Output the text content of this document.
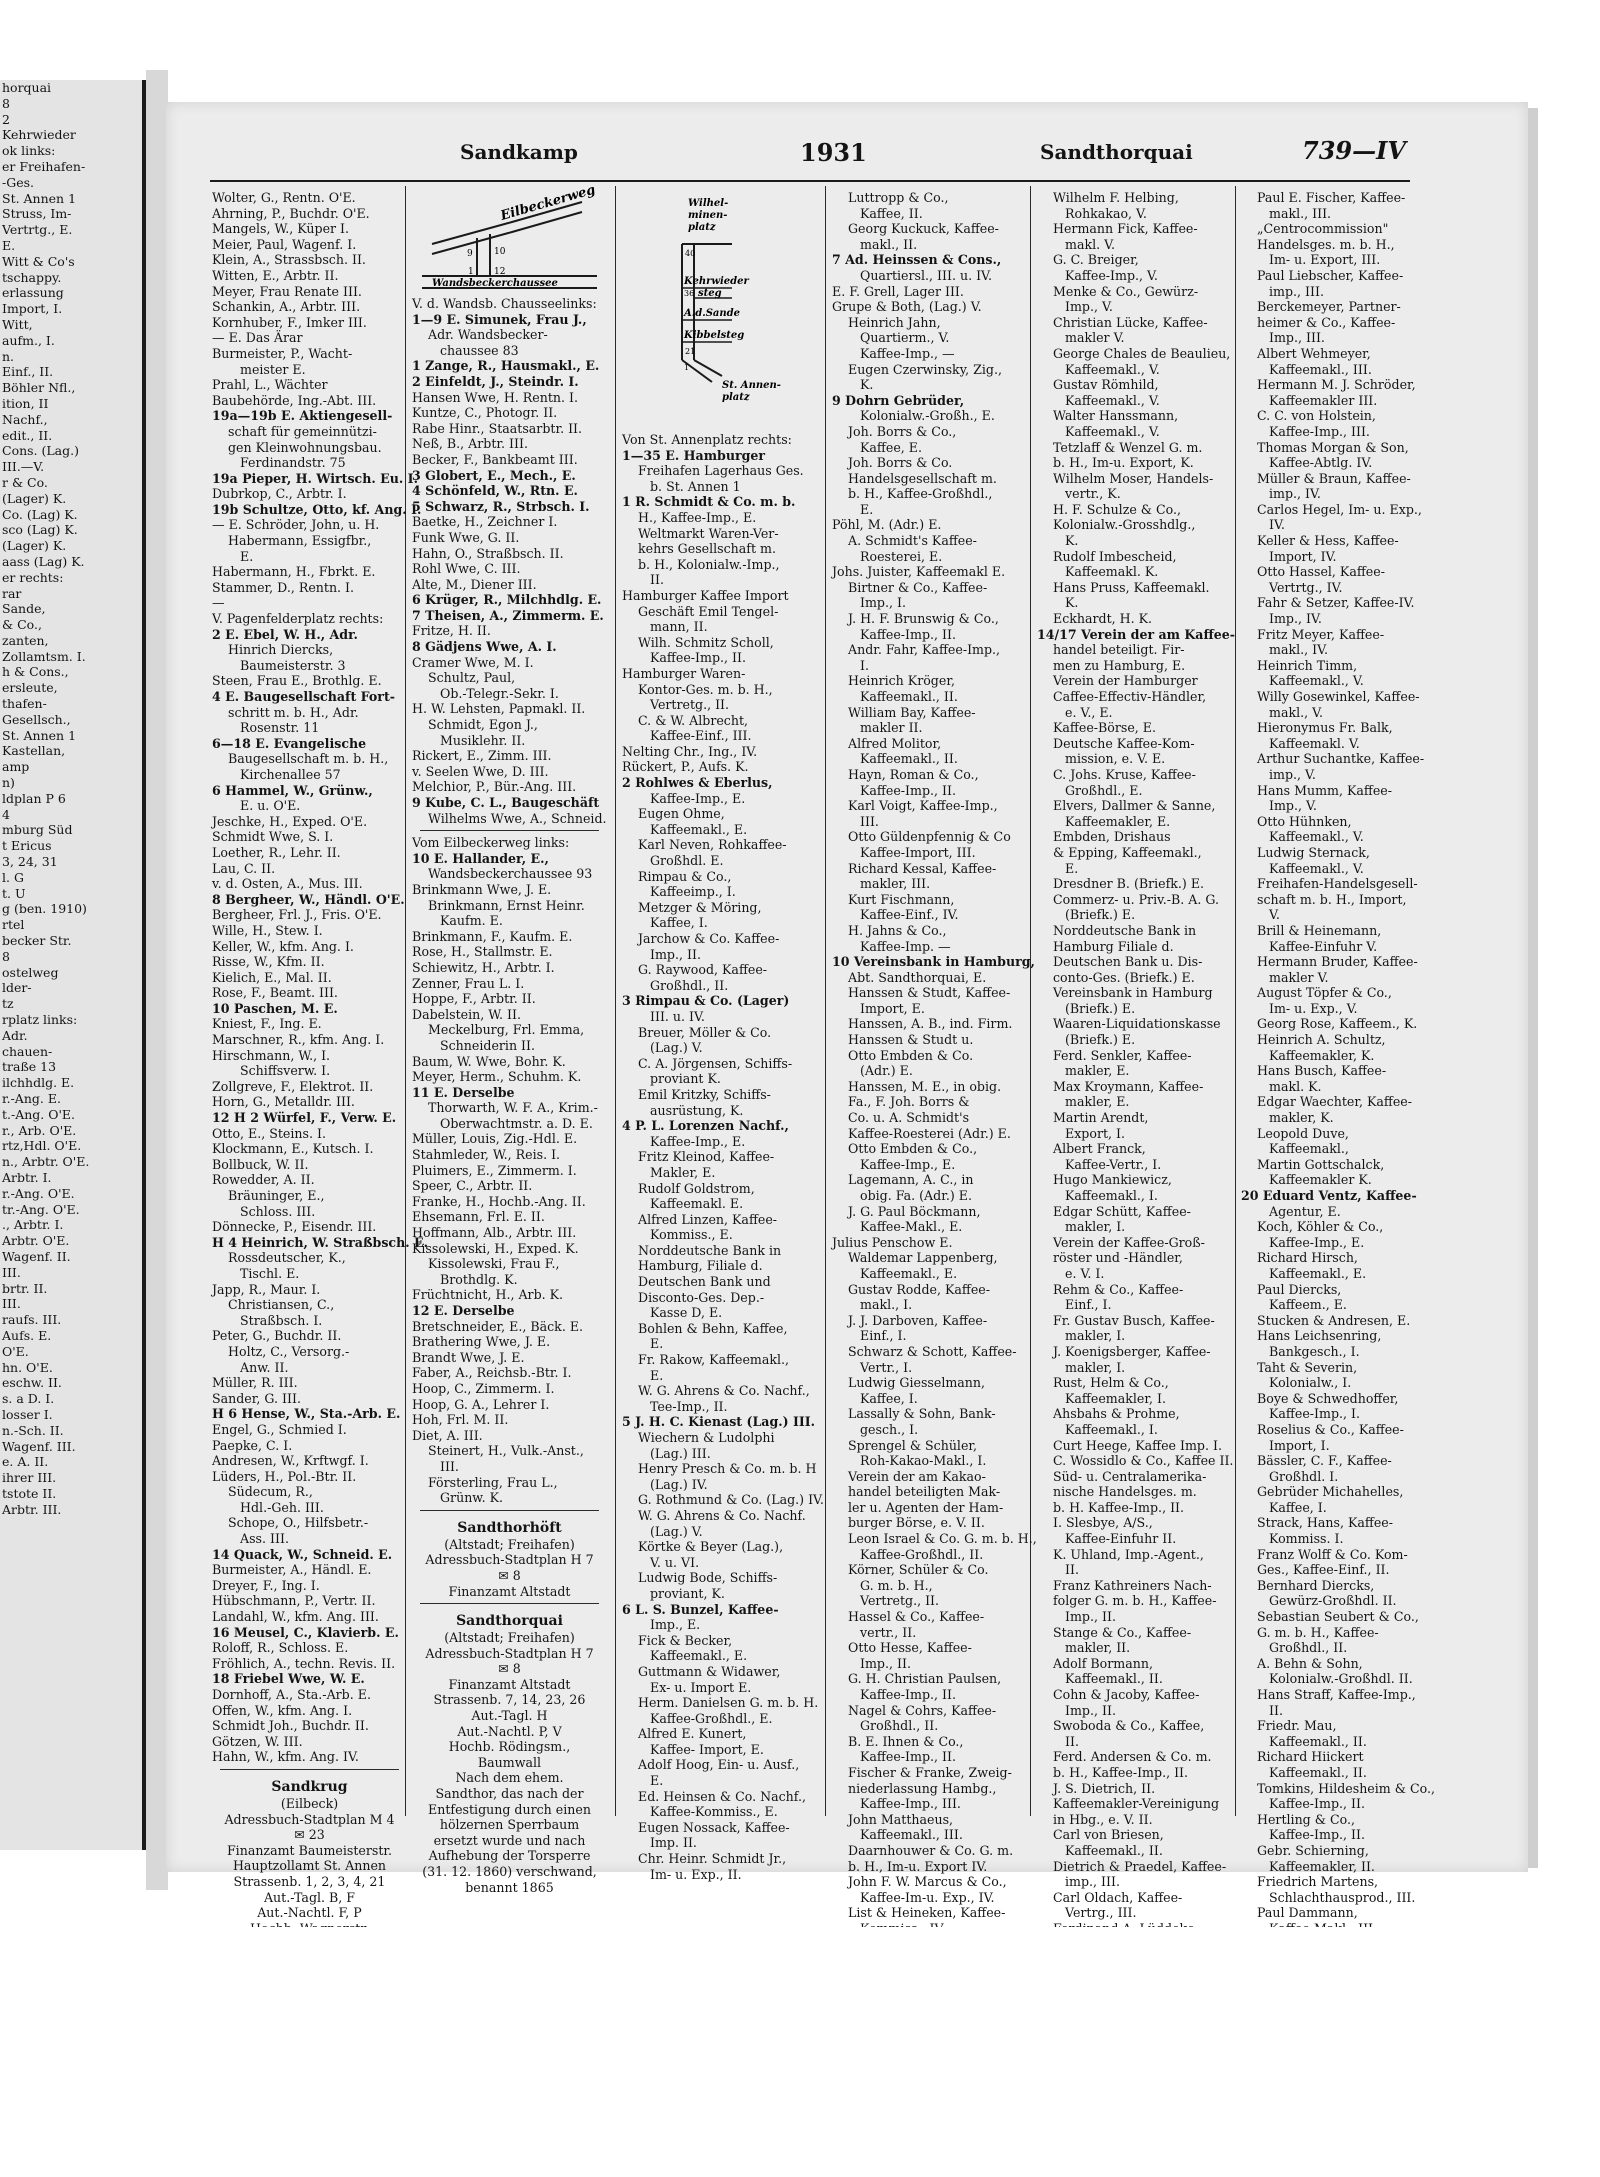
horquai
8
2
Kehrwieder
ok links:
er Freihafen-
-Ges.
St. Annen 1
Struss, Im-
Vertrtg., E.
E.
Witt & Co's
tschappy.
erlassung
Import, I.
Witt,
aufm., I.
n.
Einf., II.
Böhler Nfl.,
ition, II
Nachf.,
edit., II.
Cons. (Lag.)
III.—V.
r & Co.
(Lager) K.
Co. (Lag) K.
sco (Lag) K.
(Lager) K.
aass (Lag) K.
er rechts:
rar
Sande,
& Co.,
zanten,
Zollamtsm. I.
h & Cons.,
ersleute,
thafen-
Gesellsch.,
St. Annen 1
Kastellan,
amp
n)
ldplan P 6
4
mburg Süd
t Ericus
3, 24, 31
l. G
t. U
g (ben. 1910)
rtel
becker Str.
8
ostelweg
lder-
tz
rplatz links:
Adr.
chauen-
traße 13
ilchhdlg. E.
r.-Ang. E.
t.-Ang. O'E.
r., Arb. O'E.
rtz,Hdl. O'E.
n., Arbtr. O'E.
Arbtr. I.
r.-Ang. O'E.
tr.-Ang. O'E.
., Arbtr. I.
Arbtr. O'E.
Wagenf. II.
III.
brtr. II.
III.
raufs. III.
Aufs. E.
O'E.
hn. O'E.
eschw. II.
s. a D. I.
losser I.
n.-Sch. II.
Wagenf. III.
e. A. II.
ihrer III.
tstote II.
Arbtr. III.
Sandkamp	1931	Sandthorquai	739—IV
Wolter, G., Rentn. O'E.
Ahrning, P., Buchdr. O'E.
Mangels, W., Küper I.
Meier, Paul, Wagenf. I.
Klein, A., Strassbsch. II.
Witten, E., Arbtr. II.
Meyer, Frau Renate III.
Schankin, A., Arbtr. III.
Kornhuber, F., Imker III.
— E. Das Ärar
Burmeister, P., Wacht-
meister E.
Prahl, L., Wächter
Baubehörde, Ing.-Abt. III.
19a—19b E. Aktiengesell-
schaft für gemeinnützi-
gen Kleinwohnungsbau.
Ferdinandstr. 75
19a Pieper, H. Wirtsch. Eu. I.
Dubrkop, C., Arbtr. I.
19b Schultze, Otto, kf. Ang. I.
— E. Schröder, John, u. H.
Habermann, Essigfbr.,
E.
Habermann, H., Fbrkt. E.
Stammer, D., Rentn. I.
—
V. Pagenfelderplatz rechts:
2 E. Ebel, W. H., Adr.
Hinrich Diercks,
Baumeisterstr. 3
Steen, Frau E., Brothlg. E.
4 E. Baugesellschaft Fort-
schritt m. b. H., Adr.
Rosenstr. 11
6—18 E. Evangelische
Baugesellschaft m. b. H.,
Kirchenallee 57
6 Hammel, W., Grünw.,
E. u. O'E.
Jeschke, H., Exped. O'E.
Schmidt Wwe, S. I.
Loether, R., Lehr. II.
Lau, C. II.
v. d. Osten, A., Mus. III.
8 Bergheer, W., Händl. O'E.
Bergheer, Frl. J., Fris. O'E.
Wille, H., Stew. I.
Keller, W., kfm. Ang. I.
Risse, W., Kfm. II.
Kielich, E., Mal. II.
Rose, F., Beamt. III.
10 Paschen, M. E.
Kniest, F., Ing. E.
Marschner, R., kfm. Ang. I.
Hirschmann, W., I.
Schiffsverw. I.
Zollgreve, F., Elektrot. II.
Horn, G., Metalldr. III.
12 H 2 Würfel, F., Verw. E.
Otto, E., Steins. I.
Klockmann, E., Kutsch. I.
Bollbuck, W. II.
Rowedder, A. II.
Bräuninger, E.,
Schloss. III.
Dönnecke, P., Eisendr. III.
H 4 Heinrich, W. Straßbsch. E.
Rossdeutscher, K.,
Tischl. E.
Japp, R., Maur. I.
Christiansen, C.,
Straßbsch. I.
Peter, G., Buchdr. II.
Holtz, C., Versorg.-
Anw. II.
Müller, R. III.
Sander, G. III.
H 6 Hense, W., Sta.-Arb. E.
Engel, G., Schmied I.
Paepke, C. I.
Andresen, W., Krftwgf. I.
Lüders, H., Pol.-Btr. II.
Südecum, R.,
Hdl.-Geh. III.
Schope, O., Hilfsbetr.-
Ass. III.
14 Quack, W., Schneid. E.
Burmeister, A., Händl. E.
Dreyer, F., Ing. I.
Hübschmann, P., Vertr. II.
Landahl, W., kfm. Ang. III.
16 Meusel, C., Klavierb. E.
Roloff, R., Schloss. E.
Fröhlich, A., techn. Revis. II.
18 Friebel Wwe, W. E.
Dornhoff, A., Sta.-Arb. E.
Offen, W., kfm. Ang. I.
Schmidt Joh., Buchdr. II.
Götzen, W. III.
Hahn, W., kfm. Ang. IV.
Sandkrug
(Eilbeck)
Adressbuch-Stadtplan M 4
✉ 23
Finanzamt Baumeisterstr.
Hauptzollamt St. Annen
Strassenb. 1, 2, 3, 4, 21
Aut.-Tagl. B, F
Aut.-Nachtl. F, P
Eilbeckerweg
9 10
1 12
Wandsbeckerchaussee
V. d. Wandsb. Chausseelinks:
1—9 E. Simunek, Frau J.,
Adr. Wandsbecker-
chaussee 83
1 Zange, R., Hausmakl., E.
2 Einfeldt, J., Steindr. I.
Hansen Wwe, H. Rentn. I.
Kuntze, C., Photogr. II.
Rabe Hinr., Staatsarbtr. II.
Neß, B., Arbtr. III.
Becker, F., Bankbeamt III.
3 Globert, E., Mech., E.
4 Schönfeld, W., Rtn. E.
5 Schwarz, R., Strbsch. I.
Baetke, H., Zeichner I.
Funk Wwe, G. II.
Hahn, O., Straßbsch. II.
Rohl Wwe, C. III.
Alte, M., Diener III.
6 Krüger, R., Milchhdlg. E.
7 Theisen, A., Zimmerm. E.
Fritze, H. II.
8 Gädjens Wwe, A. I.
Cramer Wwe, M. I.
Schultz, Paul,
Ob.-Telegr.-Sekr. I.
H. W. Lehsten, Papmakl. II.
Schmidt, Egon J.,
Musiklehr. II.
Rickert, E., Zimm. III.
v. Seelen Wwe, D. III.
Melchior, P., Bür.-Ang. III.
9 Kube, C. L., Baugeschäft
Wilhelms Wwe, A., Schneid.
Vom Eilbeckerweg links:
10 E. Hallander, E.,
Wandsbeckerchaussee 93
Brinkmann Wwe, J. E.
Brinkmann, Ernst Heinr.
Kaufm. E.
Brinkmann, F., Kaufm. E.
Rose, H., Stallmstr. E.
Schiewitz, H., Arbtr. I.
Zenner, Frau L. I.
Hoppe, F., Arbtr. II.
Dabelstein, W. II.
Meckelburg, Frl. Emma,
Schneiderin II.
Baum, W. Wwe, Bohr. K.
Meyer, Herm., Schuhm. K.
11 E. Derselbe
Thorwarth, W. F. A., Krim.-
Oberwachtmstr. a. D. E.
Müller, Louis, Zig.-Hdl. E.
Stahmleder, W., Reis. I.
Pluimers, E., Zimmerm. I.
Speer, C., Arbtr. II.
Franke, H., Hochb.-Ang. II.
Ehsemann, Frl. E. II.
Hoffmann, Alb., Arbtr. III.
Kissolewski, H., Exped. K.
Kissolewski, Frau F.,
Brothdlg. K.
Früchtnicht, H., Arb. K.
12 E. Derselbe
Bretschneider, E., Bäck. E.
Brathering Wwe, J. E.
Brandt Wwe, J. E.
Faber, A., Reichsb.-Btr. I.
Hoop, C., Zimmerm. I.
Hoop, G. A., Lehrer I.
Hoh, Frl. M. II.
Diet, A. III.
Steinert, H., Vulk.-Anst.,
III.
Försterling, Frau L.,
Grünw. K.
Sandthorhöft
(Altstadt; Freihafen)
Adressbuch-Stadtplan H 7
✉ 8
Finanzamt Altstadt
Sandthorquai
(Altstadt; Freihafen)
Adressbuch-Stadtplan H 7
✉ 8
Finanzamt Altstadt
Strassenb. 7, 14, 23, 26
Aut.-Tagl. H
Aut.-Nachtl. P, V
Hochb. Rödingsm.,
Baumwall
Nach dem ehem.
Sandthor, das nach der
Entfestigung durch einen
hölzernen Sperrbaum
ersetzt wurde und nach
Aufhebung der Torsperre
(31. 12. 1860) verschwand,
benannt 1865
Wilhel-minen-platz
40
Kehrwieder
36 steg
A.d.Sande
Kibbelsteg
21
1
St. Annen-platz
Von St. Annenplatz rechts:
1—35 E. Hamburger
Freihafen Lagerhaus Ges.
b. St. Annen 1
1 R. Schmidt & Co. m. b.
H., Kaffee-Imp., E.
Weltmarkt Waren-Ver-
kehrs Gesellschaft m.
b. H., Kolonialw.-Imp.,
II.
Hamburger Kaffee Import
Geschäft Emil Tengel-
mann, II.
Wilh. Schmitz Scholl,
Kaffee-Imp., II.
Hamburger Waren-
Kontor-Ges. m. b. H.,
Vertretg., II.
C. & W. Albrecht,
Kaffee-Einf., III.
Nelting Chr., Ing., IV.
Rückert, P., Aufs. K.
2 Rohlwes & Eberlus,
Kaffee-Imp., E.
Eugen Ohme,
Kaffeemakl., E.
Karl Neven, Rohkaffee-
Großhdl. E.
Rimpau & Co.,
Kaffeeimp., I.
Metzger & Möring,
Kaffee, I.
Jarchow & Co. Kaffee-
Imp., II.
G. Raywood, Kaffee-
Großhdl., II.
3 Rimpau & Co. (Lager)
III. u. IV.
Breuer, Möller & Co.
(Lag.) V.
C. A. Jörgensen, Schiffs-
proviant K.
Emil Kritzky, Schiffs-
ausrüstung, K.
4 P. L. Lorenzen Nachf.,
Kaffee-Imp., E.
Fritz Kleinod, Kaffee-
Makler, E.
Rudolf Goldstrom,
Kaffeemakl. E.
Alfred Linzen, Kaffee-
Kommiss., E.
Norddeutsche Bank in
Hamburg, Filiale d.
Deutschen Bank und
Disconto-Ges. Dep.-
Kasse D, E.
Bohlen & Behn, Kaffee,
E.
Fr. Rakow, Kaffeemakl.,
E.
W. G. Ahrens & Co. Nachf.,
Tee-Imp., II.
5 J. H. C. Kienast (Lag.) III.
Wiechern & Ludolphi
(Lag.) III.
Henry Presch & Co. m. b. H
(Lag.) IV.
G. Rothmund & Co. (Lag.) IV.
W. G. Ahrens & Co. Nachf.
(Lag.) V.
Körtke & Beyer (Lag.),
V. u. VI.
Ludwig Bode, Schiffs-
proviant, K.
6 L. S. Bunzel, Kaffee-
Imp., E.
Fick & Becker,
Kaffeemakl., E.
Guttmann & Widawer,
Ex- u. Import E.
Herm. Danielsen G. m. b. H.
Kaffee-Großhdl., E.
Alfred E. Kunert,
Kaffee- Import, E.
Adolf Hoog, Ein- u. Ausf.,
E.
Ed. Heinsen & Co. Nachf.,
Kaffee-Kommiss., E.
Eugen Nossack, Kaffee-
Imp. II.
Chr. Heinr. Schmidt Jr.,
Im- u. Exp., II.
Luttropp & Co.,
Kaffee, II.
Georg Kuckuck, Kaffee-
makl., II.
7 Ad. Heinssen & Cons.,
Quartiersl., III. u. IV.
E. F. Grell, Lager III.
Grupe & Both, (Lag.) V.
Heinrich Jahn,
Quartierm., V.
Kaffee-Imp., —
Eugen Czerwinsky, Zig.,
K.
9 Dohrn Gebrüder,
Kolonialw.-Großh., E.
Joh. Borrs & Co.,
Kaffee, E.
Joh. Borrs & Co.
Handelsgesellschaft m.
b. H., Kaffee-Großhdl.,
E.
Pöhl, M. (Adr.) E.
A. Schmidt's Kaffee-
Roesterei, E.
Johs. Juister, Kaffeemakl E.
Birtner & Co., Kaffee-
Imp., I.
J. H. F. Brunswig & Co.,
Kaffee-Imp., II.
Andr. Fahr, Kaffee-Imp.,
I.
Heinrich Kröger,
Kaffeemakl., II.
William Bay, Kaffee-
makler II.
Alfred Molitor,
Kaffeemakl., II.
Hayn, Roman & Co.,
Kaffee-Imp., II.
Karl Voigt, Kaffee-Imp.,
III.
Otto Güldenpfennig & Co
Kaffee-Import, III.
Richard Kessal, Kaffee-
makler, III.
Kurt Fischmann,
Kaffee-Einf., IV.
H. Jahns & Co.,
Kaffee-Imp. —
10 Vereinsbank in Hamburg,
Abt. Sandthorquai, E.
Hanssen & Studt, Kaffee-
Import, E.
Hanssen, A. B., ind. Firm.
Hanssen & Studt u.
Otto Embden & Co.
(Adr.) E.
Hanssen, M. E., in obig.
Fa., F. Joh. Borrs &
Co. u. A. Schmidt's
Kaffee-Roesterei (Adr.) E.
Otto Embden & Co.,
Kaffee-Imp., E.
Lagemann, A. C., in
obig. Fa. (Adr.) E.
J. G. Paul Böckmann,
Kaffee-Makl., E.
Julius Penschow E.
Waldemar Lappenberg,
Kaffeemakl., E.
Gustav Rodde, Kaffee-
makl., I.
J. J. Darboven, Kaffee-
Einf., I.
Schwarz & Schott, Kaffee-
Vertr., I.
Ludwig Giesselmann,
Kaffee, I.
Lassally & Sohn, Bank-
gesch., I.
Sprengel & Schüler,
Roh-Kakao-Makl., I.
Verein der am Kakao-
handel beteiligten Mak-
ler u. Agenten der Ham-
burger Börse, e. V. II.
Leon Israel & Co. G. m. b. H.,
Kaffee-Großhdl., II.
Körner, Schüler & Co.
G. m. b. H.,
Vertretg., II.
Hassel & Co., Kaffee-
vertr., II.
Otto Hesse, Kaffee-
Imp., II.
G. H. Christian Paulsen,
Kaffee-Imp., II.
Nagel & Cohrs, Kaffee-
Großhdl., II.
B. E. Ihnen & Co.,
Kaffee-Imp., II.
Fischer & Franke, Zweig-
niederlassung Hambg.,
Kaffee-Imp., III.
John Matthaeus,
Kaffeemakl., III.
Daarnhouwer & Co. G. m.
b. H., Im-u. Export IV.
John F. W. Marcus & Co.,
Kaffee-Im-u. Exp., IV.
List & Heineken, Kaffee-
Wilhelm F. Helbing,
Rohkakao, V.
Hermann Fick, Kaffee-
makl. V.
G. C. Breiger,
Kaffee-Imp., V.
Menke & Co., Gewürz-
Imp., V.
Christian Lücke, Kaffee-
makler V.
George Chales de Beaulieu,
Kaffeemakl., V.
Gustav Römhild,
Kaffeemakl., V.
Walter Hanssmann,
Kaffeemakl., V.
Tetzlaff & Wenzel G. m.
b. H., Im-u. Export, K.
Wilhelm Moser, Handels-
vertr., K.
H. F. Schulze & Co.,
Kolonialw.-Grosshdlg.,
K.
Rudolf Imbescheid,
Kaffeemakl. K.
Hans Pruss, Kaffeemakl.
K.
Eckhardt, H. K.
14/17 Verein der am Kaffee-
handel beteiligt. Fir-
men zu Hamburg, E.
Verein der Hamburger
Caffee-Effectiv-Händler,
e. V., E.
Kaffee-Börse, E.
Deutsche Kaffee-Kom-
mission, e. V. E.
C. Johs. Kruse, Kaffee-
Großhdl., E.
Elvers, Dallmer & Sanne,
Kaffeemakler, E.
Embden, Drishaus
& Epping, Kaffeemakl.,
E.
Dresdner B. (Briefk.) E.
Commerz- u. Priv.-B. A. G.
(Briefk.) E.
Norddeutsche Bank in
Hamburg Filiale d.
Deutschen Bank u. Dis-
conto-Ges. (Briefk.) E.
Vereinsbank in Hamburg
(Briefk.) E.
Waaren-Liquidationskasse
(Briefk.) E.
Ferd. Senkler, Kaffee-
makler, E.
Max Kroymann, Kaffee-
makler, E.
Martin Arendt,
Export, I.
Albert Franck,
Kaffee-Vertr., I.
Hugo Mankiewicz,
Kaffeemakl., I.
Edgar Schütt, Kaffee-
makler, I.
Verein der Kaffee-Groß-
röster und -Händler,
e. V. I.
Rehm & Co., Kaffee-
Einf., I.
Fr. Gustav Busch, Kaffee-
makler, I.
J. Koenigsberger, Kaffee-
makler, I.
Rust, Helm & Co.,
Kaffeemakler, I.
Ahsbahs & Prohme,
Kaffeemakl., I.
Curt Heege, Kaffee Imp. I.
C. Wossidlo & Co., Kaffee II.
Süd- u. Centralamerika-
nische Handelsges. m.
b. H. Kaffee-Imp., II.
I. Slesbye, A/S.,
Kaffee-Einfuhr II.
K. Uhland, Imp.-Agent.,
II.
Franz Kathreiners Nach-
folger G. m. b. H., Kaffee-
Imp., II.
Stange & Co., Kaffee-
makler, II.
Adolf Bormann,
Kaffeemakl., II.
Cohn & Jacoby, Kaffee-
Imp., II.
Swoboda & Co., Kaffee,
II.
Ferd. Andersen & Co. m.
b. H., Kaffee-Imp., II.
J. S. Dietrich, II.
Kaffeemakler-Vereinigung
in Hbg., e. V. II.
Carl von Briesen,
Kaffeemakl., II.
Dietrich & Praedel, Kaffee-
imp., III.
Carl Oldach, Kaffee-
Vertrg., III.
Paul E. Fischer, Kaffee-
makl., III.
„Centrocommission"
Handelsges. m. b. H.,
Im- u. Export, III.
Paul Liebscher, Kaffee-
imp., III.
Berckemeyer, Partner-
heimer & Co., Kaffee-
Imp., III.
Albert Wehmeyer,
Kaffeemakl., III.
Hermann M. J. Schröder,
Kaffeemakler III.
C. C. von Holstein,
Kaffee-Imp., III.
Thomas Morgan & Son,
Kaffee-Abtlg. IV.
Müller & Braun, Kaffee-
imp., IV.
Carlos Hegel, Im- u. Exp.,
IV.
Keller & Hess, Kaffee-
Import, IV.
Otto Hassel, Kaffee-
Vertrtg., IV.
Fahr & Setzer, Kaffee-IV.
Imp., IV.
Fritz Meyer, Kaffee-
makl., IV.
Heinrich Timm,
Kaffeemakl., V.
Willy Gosewinkel, Kaffee-
makl., V.
Hieronymus Fr. Balk,
Kaffeemakl. V.
Arthur Suchantke, Kaffee-
imp., V.
Hans Mumm, Kaffee-
Imp., V.
Otto Hühnken,
Kaffeemakl., V.
Ludwig Sternack,
Kaffeemakl., V.
Freihafen-Handelsgesell-
schaft m. b. H., Import,
V.
Brill & Heinemann,
Kaffee-Einfuhr V.
Hermann Bruder, Kaffee-
makler V.
August Töpfer & Co.,
Im- u. Exp., V.
Georg Rose, Kaffeem., K.
Heinrich A. Schultz,
Kaffeemakler, K.
Hans Busch, Kaffee-
makl. K.
Edgar Waechter, Kaffee-
makler, K.
Leopold Duve,
Kaffeemakl.,
Martin Gottschalck,
Kaffeemakler K.
20 Eduard Ventz, Kaffee-
Agentur, E.
Koch, Köhler & Co.,
Kaffee-Imp., E.
Richard Hirsch,
Kaffeemakl., E.
Paul Diercks,
Kaffeem., E.
Stucken & Andresen, E.
Hans Leichsenring,
Bankgesch., I.
Taht & Severin,
Kolonialw., I.
Boye & Schwedhoffer,
Kaffee-Imp., I.
Roselius & Co., Kaffee-
Import, I.
Bässler, C. F., Kaffee-
Großhdl. I.
Gebrüder Michahelles,
Kaffee, I.
Strack, Hans, Kaffee-
Kommiss. I.
Franz Wolff & Co. Kom-
Ges., Kaffee-Einf., II.
Bernhard Diercks,
Gewürz-Großhdl. II.
Sebastian Seubert & Co.,
G. m. b. H., Kaffee-
Großhdl., II.
A. Behn & Sohn,
Kolonialw.-Großhdl. II.
Hans Straff, Kaffee-Imp.,
II.
Friedr. Mau,
Kaffeemakl., II.
Richard Hiickert
Kaffeemakl., II.
Tomkins, Hildesheim & Co.,
Kaffee-Imp., II.
Hertling & Co.,
Kaffee-Imp., II.
Gebr. Schierning,
Kaffeemakler, II.
Friedrich Martens,
Schlachthausprod., III.
Paul Dammann,
